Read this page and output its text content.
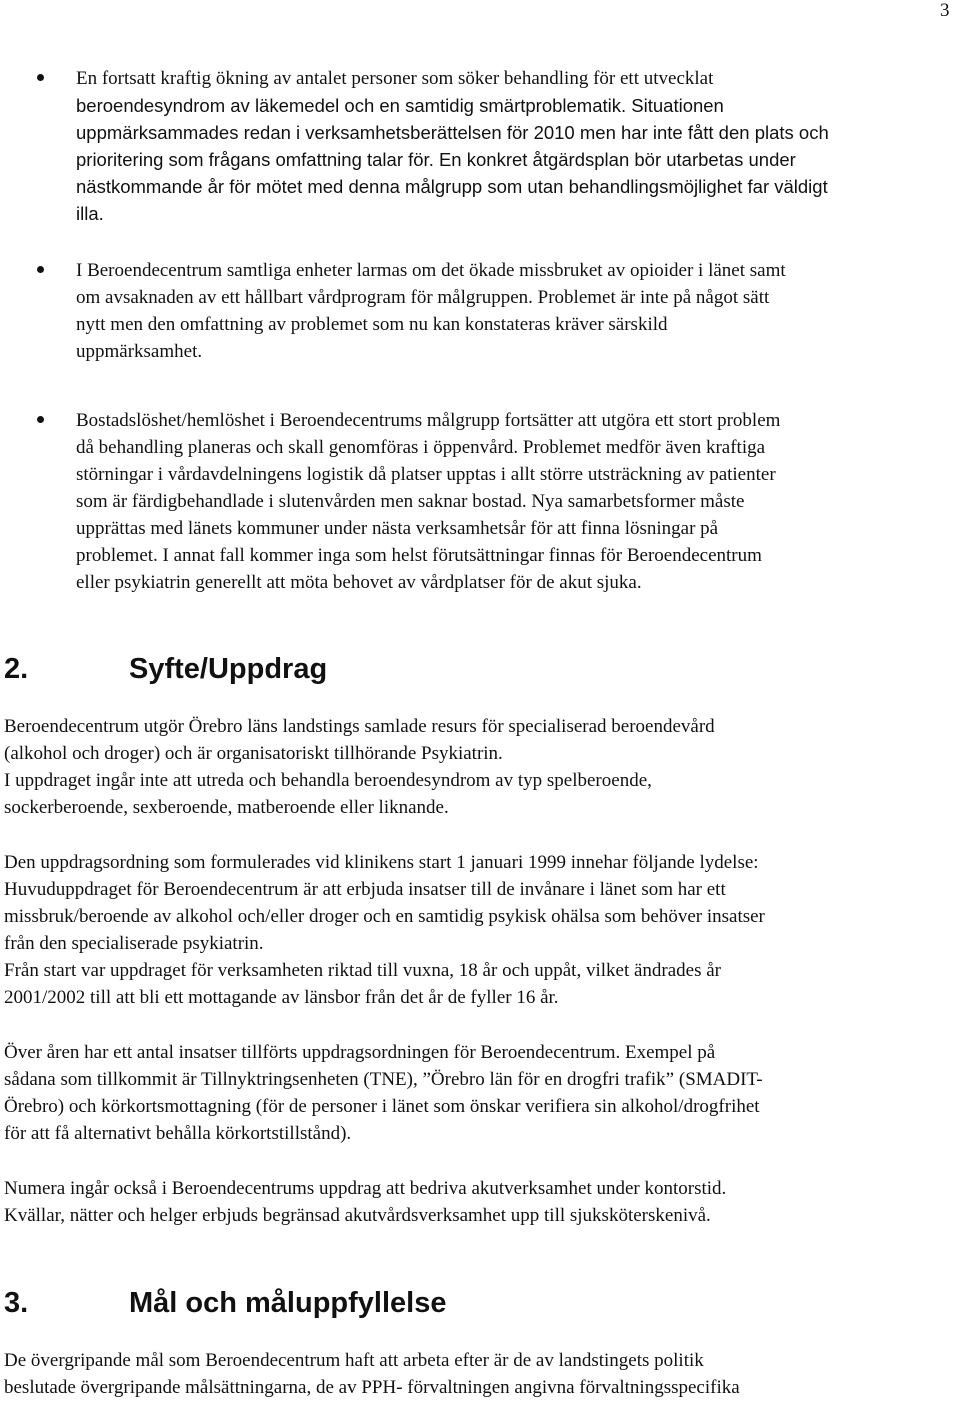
3
En fortsatt kraftig ökning av antalet personer som söker behandling för ett utvecklat
beroendesyndrom av läkemedel och en samtidig smärtproblematik. Situationen
uppmärksammades redan i verksamhetsberättelsen för 2010 men har inte fått den plats och
prioritering som frågans omfattning talar för. En konkret åtgärdsplan bör utarbetas under
nästkommande år för mötet med denna målgrupp som utan behandlingsmöjlighet far väldigt
illa.
I Beroendecentrum samtliga enheter larmas om det ökade missbruket av opioider i länet samt
om avsaknaden av ett hållbart vårdprogram för målgruppen. Problemet är inte på något sätt
nytt men den omfattning av problemet som nu kan konstateras kräver särskild
uppmärksamhet.
Bostadslöshet/hemlöshet i Beroendecentrums målgrupp fortsätter att utgöra ett stort problem
då behandling planeras och skall genomföras i öppenvård. Problemet medför även kraftiga
störningar i vårdavdelningens logistik då platser upptas i allt större utsträckning av patienter
som är färdigbehandlade i slutenvården men saknar bostad. Nya samarbetsformer måste
upprättas med länets kommuner under nästa verksamhetsår för att finna lösningar på
problemet. I annat fall kommer inga som helst förutsättningar finnas för Beroendecentrum
eller psykiatrin generellt att möta behovet av vårdplatser för de akut sjuka.
2.	Syfte/Uppdrag
Beroendecentrum utgör Örebro läns landstings samlade resurs för specialiserad beroendevård
(alkohol och droger) och är organisatoriskt tillhörande Psykiatrin.
I uppdraget ingår inte att utreda och behandla beroendesyndrom av typ spelberoende,
sockerberoende, sexberoende, matberoende eller liknande.
Den uppdragsordning som formulerades vid klinikens start 1 januari 1999 innehar följande lydelse:
Huvuduppdraget för Beroendecentrum är att erbjuda insatser till de invånare i länet som har ett
missbruk/beroende av alkohol och/eller droger och en samtidig psykisk ohälsa som behöver insatser
från den specialiserade psykiatrin.
Från start var uppdraget för verksamheten riktad till vuxna, 18 år och uppåt, vilket ändrades år
2001/2002 till att bli ett mottagande av länsbor från det år de fyller 16 år.
Över åren har ett antal insatser tillförts uppdragsordningen för Beroendecentrum. Exempel på
sådana som tillkommit är Tillnyktringsenheten (TNE), ”Örebro län för en drogfri trafik” (SMADIT-
Örebro) och körkortsmottagning (för de personer i länet som önskar verifiera sin alkohol/drogfrihet
för att få alternativt behålla körkortstillstånd).
Numera ingår också i Beroendecentrums uppdrag att bedriva akutverksamhet under kontorstid.
Kvällar, nätter och helger erbjuds begränsad akutvårdsverksamhet upp till sjuksköterskenivå.
3.	Mål och måluppfyllelse
De övergripande mål som Beroendecentrum haft att arbeta efter är de av landstingets politik
beslutade övergripande målsättningarna, de av PPH- förvaltningen angivna förvaltningsspecifika
